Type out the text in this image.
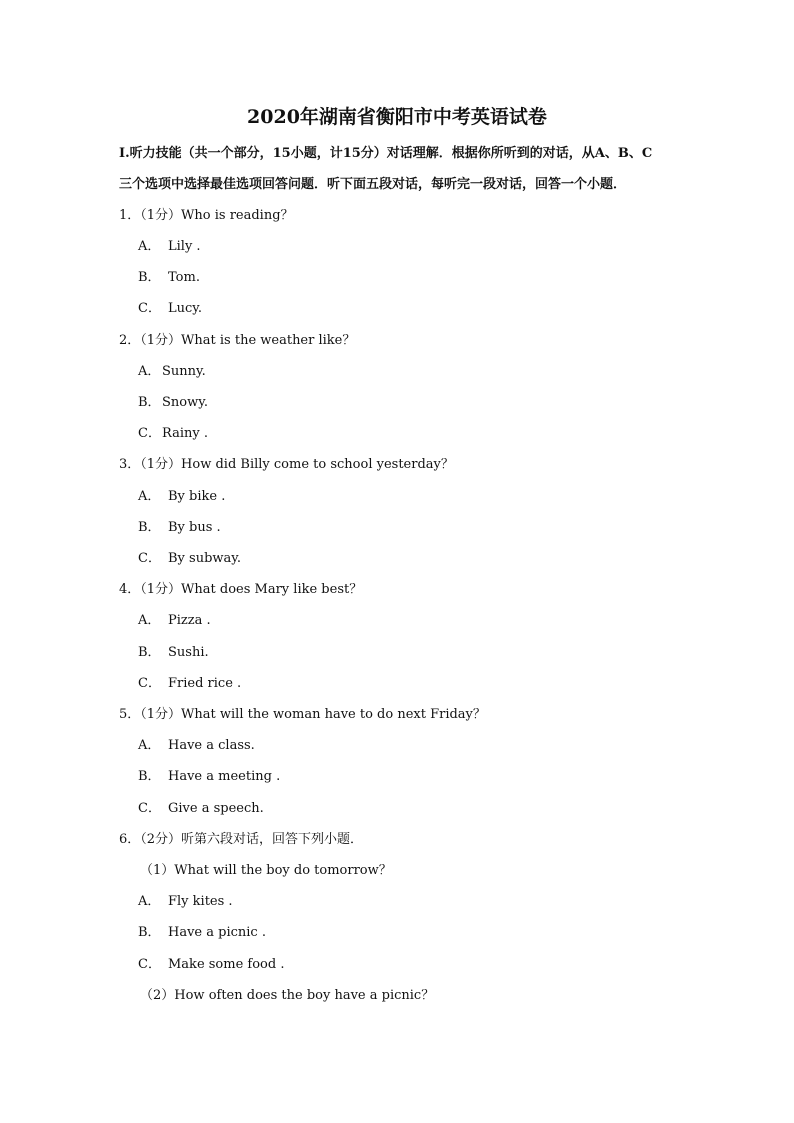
2020年湖南省衡阳市中考英语试卷
I.听力技能（共一个部分，15小题，计15分）对话理解．根据你所听到的对话，从A、B、C
三个选项中选择最佳选项回答问题．听下面五段对话，每听完一段对话，回答一个小题．
1．（1分）Who is reading？
A． Lily .
B． Tom.
C． Lucy.
2．（1分）What is the weather like？
A． Sunny.
B．Snowy.
C．Rainy .
3．（1分）How did Billy come to school yesterday？
A． By bike .
B． By bus .
C． By subway.
4．（1分）What does Mary like best？
A． Pizza .
B． Sushi.
C． Fried rice .
5．（1分）What will the woman have to do next Friday？
A． Have a class.
B． Have a meeting .
C． Give a speech.
6．（2分）听第六段对话，回答下列小题．
（1）What will the boy do tomorrow？
A． Fly kites .
B． Have a picnic .
C． Make some food .
（2）How often does the boy have a picnic？
